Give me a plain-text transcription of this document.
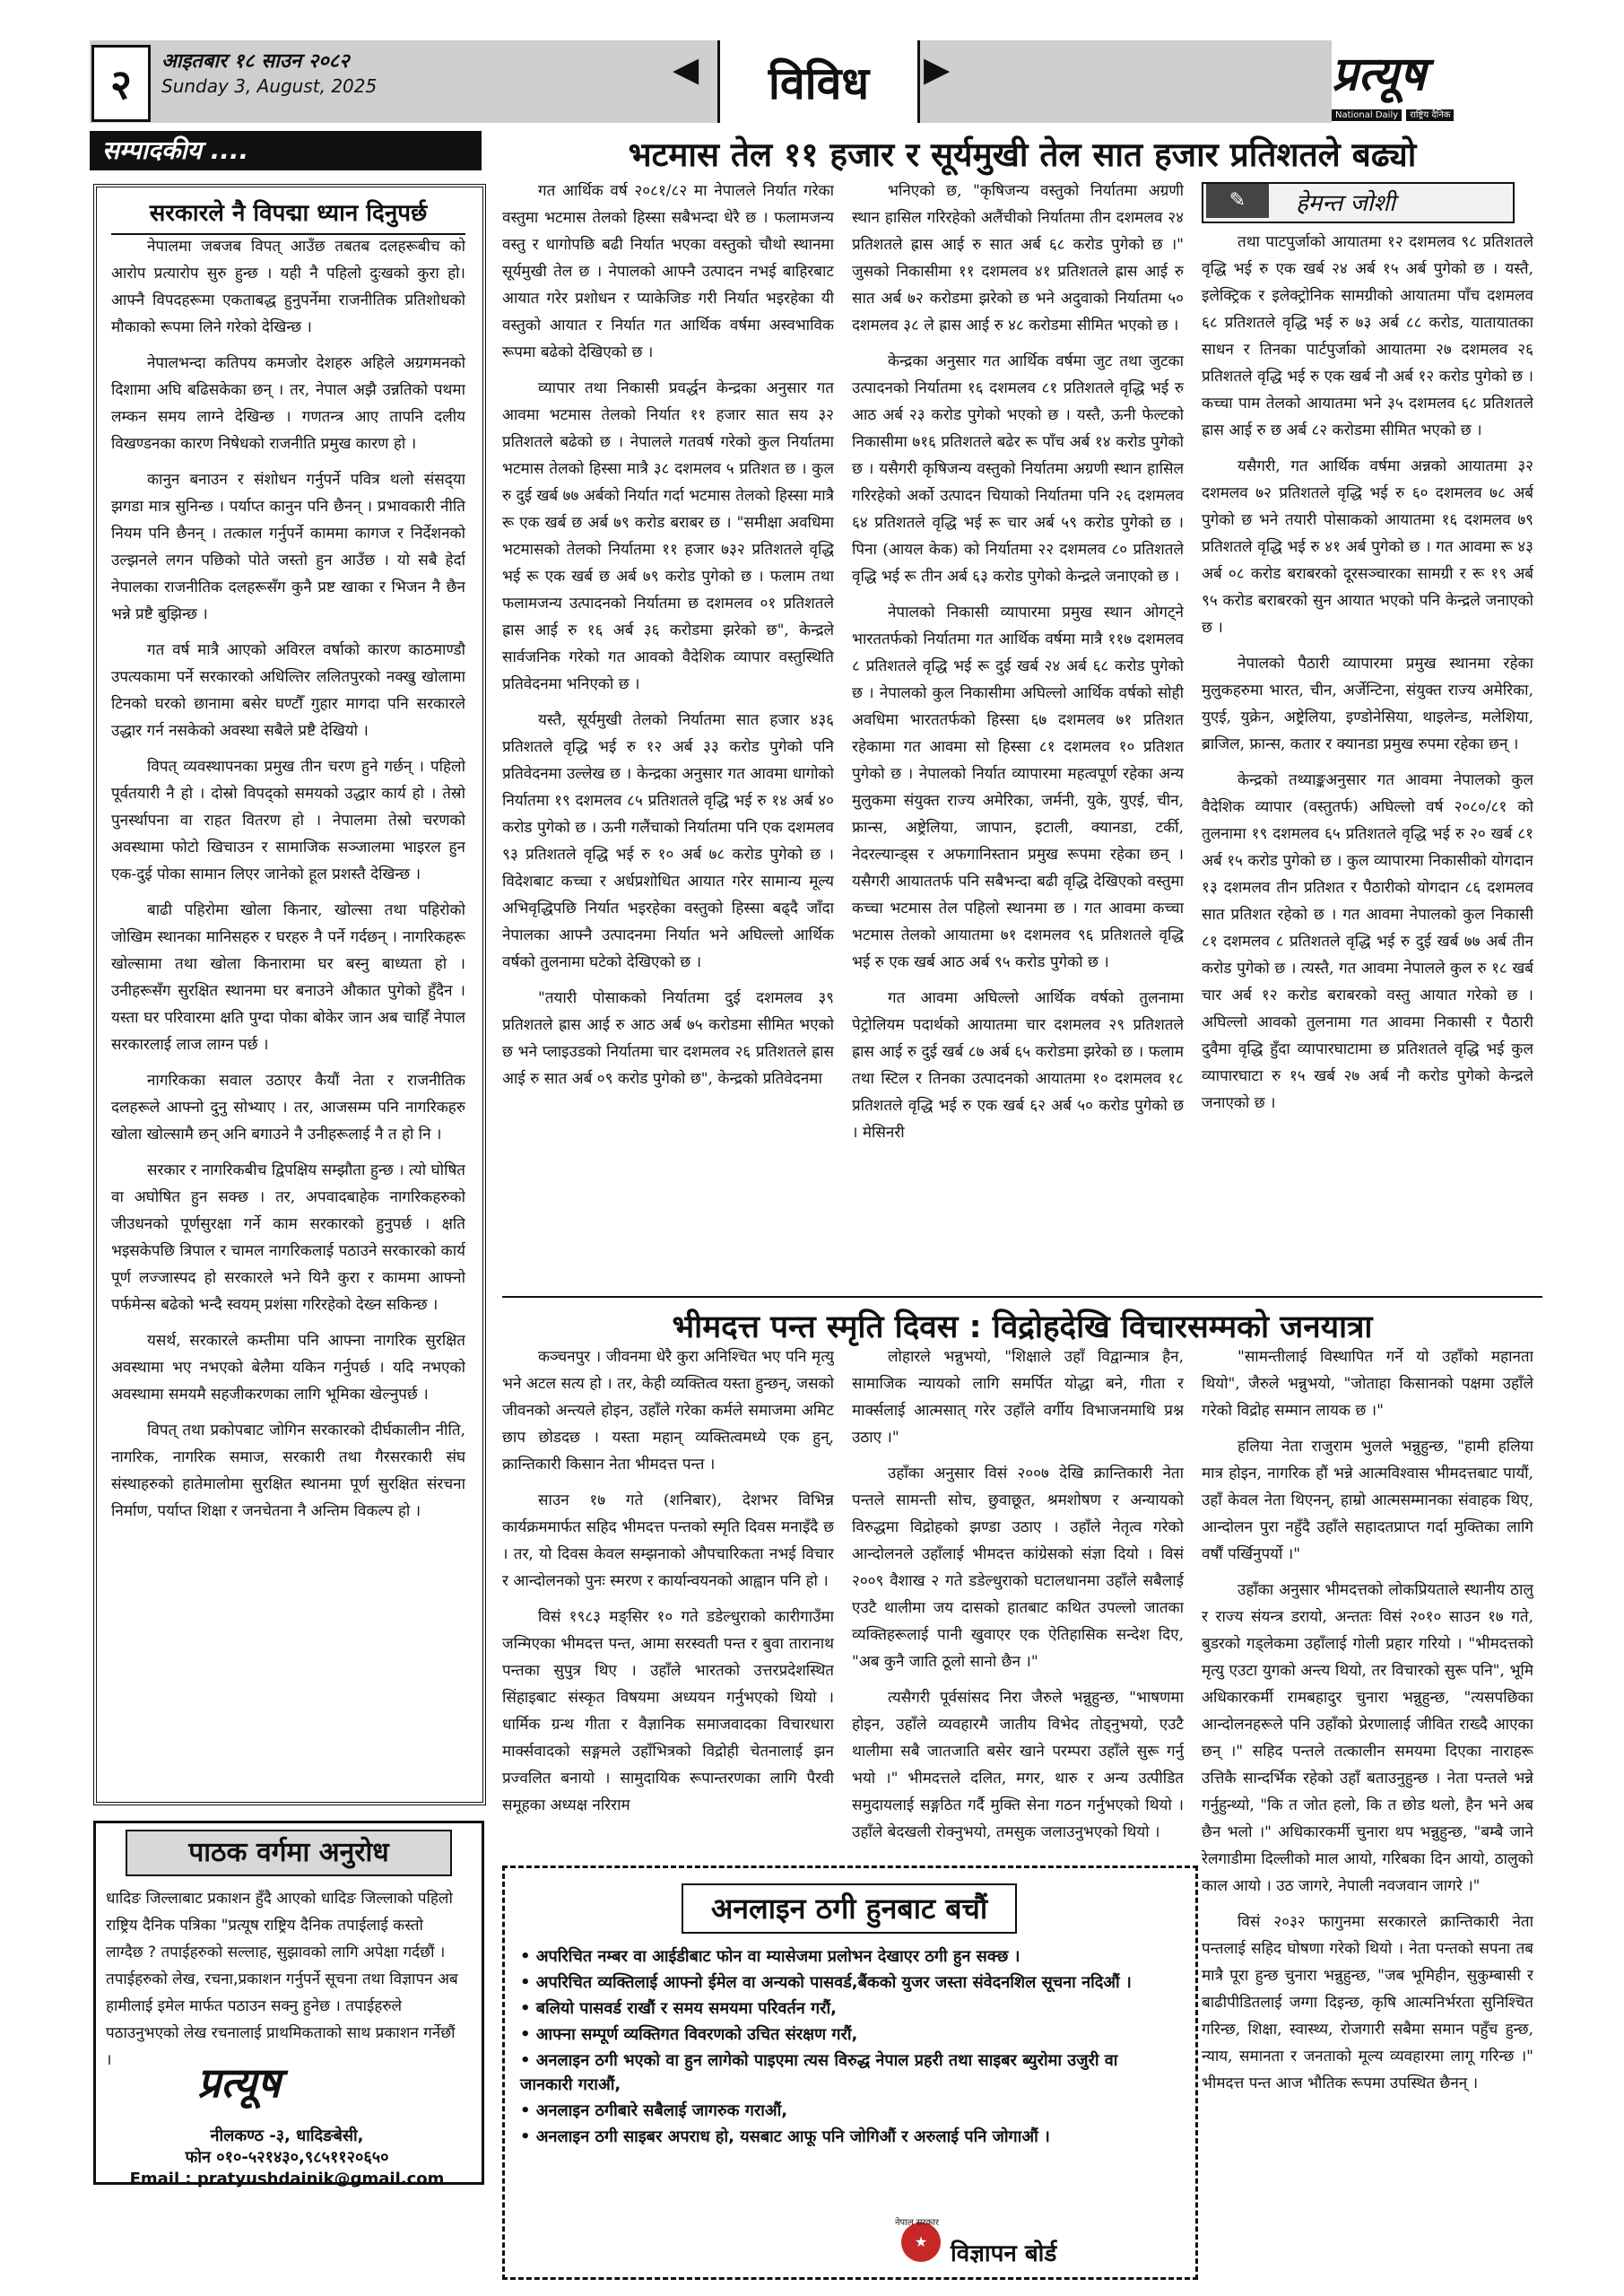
२	आइतबार १८ साउन २०८२
Sunday 3, August, 2025	◀	विविध	▶	प्रत्यूष
National Daily राष्ट्रिय दैनिक
सम्पादकीय ....
सरकारले नै विपद्मा ध्यान दिनुपर्छ

नेपालमा जबजब विपत् आउँछ तबतब दलहरूबीच को आरोप प्रत्यारोप सुरु हुन्छ । यही नै पहिलो दुःखको कुरा हो। आफ्नै विपदहरूमा एकताबद्ध हुनुपर्नेमा राजनीतिक प्रतिशोधको मौकाको रूपमा लिने गरेको देखिन्छ ।

नेपालभन्दा कतिपय कमजोर देशहरु अहिले अग्रगमनको दिशामा अघि बढिसकेका छन् । तर, नेपाल अझै उन्नतिको पथमा लम्कन समय लाग्ने देखिन्छ । गणतन्त्र आए तापनि दलीय विखण्डनका कारण निषेधको राजनीति प्रमुख कारण हो ।

कानुन बनाउन र संशोधन गर्नुपर्ने पवित्र थलो संसद्‌या झगडा मात्र सुनिन्छ । पर्याप्त कानुन पनि छैनन् । प्रभावकारी नीति नियम पनि छैनन् । तत्काल गर्नुपर्ने काममा कागज र निर्देशनको उल्झनले लगन पछिको पोते जस्तो हुन आउँछ । यो सबै हेर्दा नेपालका राजनीतिक दलहरूसँग कुनै प्रष्ट खाका र भिजन नै छैन भन्ने प्रष्टै बुझिन्छ ।

गत वर्ष मात्रै आएको अविरल वर्षाको कारण काठमाण्डौ उपत्यकामा पर्ने सरकारको अधिल्तिर ललितपुरको नक्खु खोलामा टिनको घरको छानामा बसेर घण्टौँ गुहार मागदा पनि सरकारले उद्धार गर्न नसकेको अवस्था सबैले प्रष्टै देखियो ।

विपत् व्यवस्थापनका प्रमुख तीन चरण हुने गर्छन् । पहिलो पूर्वतयारी नै हो । दोस्रो विपद्को समयको उद्धार कार्य हो । तेस्रो पुनर्स्थापना वा राहत वितरण हो । नेपालमा तेस्रो चरणको अवस्थामा फोटो खिचाउन र सामाजिक सञ्जालमा भाइरल हुन एक-दुई पोका सामान लिएर जानेको हूल प्रशस्तै देखिन्छ ।

बाढी पहिरोमा खोला किनार, खोल्सा तथा पहिरोको जोखिम स्थानका मानिसहरु र घरहरु नै पर्ने गर्दछन् । नागरिकहरू खोल्सामा तथा खोला किनारामा घर बस्नु बाध्यता हो । उनीहरूसँग सुरक्षित स्थानमा घर बनाउने औकात पुगेको हुँदैन । यस्ता घर परिवारमा क्षति पुग्दा पोका बोकेर जान अब चाहिँ नेपाल सरकारलाई लाज लाग्न पर्छ ।

नागरिकका सवाल उठाएर कैयौं नेता र राजनीतिक दलहरूले आफ्नो दुनु सोभ्याए । तर, आजसम्म पनि नागरिकहरु खोला खोल्सामै छन् अनि बगाउने नै उनीहरूलाई नै त हो नि ।

सरकार र नागरिकबीच द्विपक्षिय सम्झौता हुन्छ । त्यो घोषित वा अघोषित हुन सक्छ । तर, अपवादबाहेक नागरिकहरुको जीउधनको पूर्णसुरक्षा गर्ने काम सरकारको हुनुपर्छ । क्षति भइसकेपछि त्रिपाल र चामल नागरिकलाई पठाउने सरकारको कार्य पूर्ण लज्जास्पद हो सरकारले भने यिनै कुरा र काममा आफ्नो पर्फमेन्स बढेको भन्दै स्वयम् प्रशंसा गरिरहेको देख्न सकिन्छ ।

यसर्थ, सरकारले कम्तीमा पनि आफ्ना नागरिक सुरक्षित अवस्थामा भए नभएको बेलैमा यकिन गर्नुपर्छ । यदि नभएको अवस्थामा समयमै सहजीकरणका लागि भूमिका खेल्नुपर्छ ।

विपत् तथा प्रकोपबाट जोगिन सरकारको दीर्घकालीन नीति, नागरिक, नागरिक समाज, सरकारी तथा गैरसरकारी संघ संस्थाहरुको हातेमालोमा सुरक्षित स्थानमा पूर्ण सुरक्षित संरचना निर्माण, पर्याप्त शिक्षा र जनचेतना नै अन्तिम विकल्प हो ।

पाठक वर्गमा अनुरोध
धादिङ जिल्लाबाट प्रकाशन हुँदै आएको धादिङ जिल्लाको पहिलो राष्ट्रिय दैनिक पत्रिका "प्रत्यूष राष्ट्रिय दैनिक तपाईलाई कस्तो लाग्दैछ ? तपाईहरुको सल्लाह, सुझावको लागि अपेक्षा गर्दछौं । तपाईहरुको लेख, रचना,प्रकाशन गर्नुपर्ने सूचना तथा विज्ञापन अब हामीलाई इमेल मार्फत पठाउन सक्नु हुनेछ । तपाईहरुले पठाउनुभएको लेख रचनालाई प्राथमिकताको साथ प्रकाशन गर्नेछौं ।	प्रत्यूष
नीलकण्ठ -३, धादिङबेसी,
फोन ०१०-५२१४३०,९८५११२०६५०
Email : pratyushdainik@gmail.com
भटमास तेल ११ हजार र सूर्यमुखी तेल सात हजार प्रतिशतले बढ्यो
✎	हेमन्त जोशी

गत आर्थिक वर्ष २०८१/८२ मा नेपालले निर्यात गरेका वस्तुमा भटमास तेलको हिस्सा सबैभन्दा धेरै छ । फलामजन्य वस्तु र धागोपछि बढी निर्यात भएका वस्तुको चौथो स्थानमा सूर्यमुखी तेल छ । नेपालको आफ्नै उत्पादन नभई बाहिरबाट आयात गरेर प्रशोधन र प्याकेजिङ गरी निर्यात भइरहेका यी वस्तुको आयात र निर्यात गत आर्थिक वर्षमा अस्वभाविक रूपमा बढेको देखिएको छ ।

व्यापार तथा निकासी प्रवर्द्धन केन्द्रका अनुसार गत आवमा भटमास तेलको निर्यात ११ हजार सात सय ३२ प्रतिशतले बढेको छ । नेपालले गतवर्ष गरेको कुल निर्यातमा भटमास तेलको हिस्सा मात्रै ३८ दशमलव ५ प्रतिशत छ । कुल रु दुई खर्ब ७७ अर्बको निर्यात गर्दा भटमास तेलको हिस्सा मात्रै रू एक खर्ब छ अर्ब ७९ करोड बराबर छ । "समीक्षा अवधिमा भटमासको तेलको निर्यातमा ११ हजार ७३२ प्रतिशतले वृद्धि भई रू एक खर्ब छ अर्ब ७९ करोड पुगेको छ । फलाम तथा फलामजन्य उत्पादनको निर्यातमा छ दशमलव ०१ प्रतिशतले ह्रास आई रु १६ अर्ब ३६ करोडमा झरेको छ", केन्द्रले सार्वजनिक गरेको गत आवको वैदेशिक व्यापार वस्तुस्थिति प्रतिवेदनमा भनिएको छ ।

यस्तै, सूर्यमुखी तेलको निर्यातमा सात हजार ४३६ प्रतिशतले वृद्धि भई रु १२ अर्ब ३३ करोड पुगेको पनि प्रतिवेदनमा उल्लेख छ । केन्द्रका अनुसार गत आवमा धागोको निर्यातमा १९ दशमलव ८५ प्रतिशतले वृद्धि भई रु १४ अर्ब ४० करोड पुगेको छ । ऊनी गलैंचाको निर्यातमा पनि एक दशमलव ९३ प्रतिशतले वृद्धि भई रु १० अर्ब ७८ करोड पुगेको छ । विदेशबाट कच्चा र अर्धप्रशोधित आयात गरेर सामान्य मूल्य अभिवृद्धिपछि निर्यात भइरहेका वस्तुको हिस्सा बढ्दै जाँदा नेपालका आफ्नै उत्पादनमा निर्यात भने अघिल्लो आर्थिक वर्षको तुलनामा घटेको देखिएको छ ।

"तयारी पोसाकको निर्यातमा दुई दशमलव ३९ प्रतिशतले ह्रास आई रु आठ अर्ब ७५ करोडमा सीमित भएको छ भने प्लाइउडको निर्यातमा चार दशमलव २६ प्रतिशतले ह्रास आई रु सात अर्ब ०९ करोड पुगेको छ", केन्द्रको प्रतिवेदनमा

भनिएको छ, "कृषिजन्य वस्तुको निर्यातमा अग्रणी स्थान हासिल गरिरहेको अलैंचीको निर्यातमा तीन दशमलव २४ प्रतिशतले ह्रास आई रु सात अर्ब ६८ करोड पुगेको छ ।" जुसको निकासीमा ११ दशमलव ४१ प्रतिशतले ह्रास आई रु सात अर्ब ७२ करोडमा झरेको छ भने अदुवाको निर्यातमा ५० दशमलव ३८ ले ह्रास आई रु ४८ करोडमा सीमित भएको छ ।

केन्द्रका अनुसार गत आर्थिक वर्षमा जुट तथा जुटका उत्पादनको निर्यातमा १६ दशमलव ८१ प्रतिशतले वृद्धि भई रु आठ अर्ब २३ करोड पुगेको भएको छ । यस्तै, ऊनी फेल्टको निकासीमा ७१६ प्रतिशतले बढेर रू पाँच अर्ब १४ करोड पुगेको छ । यसैगरी कृषिजन्य वस्तुको निर्यातमा अग्रणी स्थान हासिल गरिरहेको अर्को उत्पादन चियाको निर्यातमा पनि २६ दशमलव ६४ प्रतिशतले वृद्धि भई रू चार अर्ब ५९ करोड पुगेको छ । पिना (आयल केक) को निर्यातमा २२ दशमलव ८० प्रतिशतले वृद्धि भई रू तीन अर्ब ६३ करोड पुगेको केन्द्रले जनाएको छ ।

नेपालको निकासी व्यापारमा प्रमुख स्थान ओगट्ने भारततर्फको निर्यातमा गत आर्थिक वर्षमा मात्रै ११७ दशमलव ८ प्रतिशतले वृद्धि भई रू दुई खर्ब २४ अर्ब ६८ करोड पुगेको छ । नेपालको कुल निकासीमा अघिल्लो आर्थिक वर्षको सोही अवधिमा भारततर्फको हिस्सा ६७ दशमलव ७१ प्रतिशत रहेकामा गत आवमा सो हिस्सा ८१ दशमलव १० प्रतिशत पुगेको छ । नेपालको निर्यात व्यापारमा महत्वपूर्ण रहेका अन्य मुलुकमा संयुक्त राज्य अमेरिका, जर्मनी, युके, युएई, चीन, फ्रान्स, अष्ट्रेलिया, जापान, इटाली, क्यानडा, टर्की, नेदरल्यान्ड्स र अफगानिस्तान प्रमुख रूपमा रहेका छन् । यसैगरी आयाततर्फ पनि सबैभन्दा बढी वृद्धि देखिएको वस्तुमा कच्चा भटमास तेल पहिलो स्थानमा छ । गत आवमा कच्चा भटमास तेलको आयातमा ७१ दशमलव ९६ प्रतिशतले वृद्धि भई रु एक खर्ब आठ अर्ब ९५ करोड पुगेको छ ।

गत आवमा अघिल्लो आर्थिक वर्षको तुलनामा पेट्रोलियम पदार्थको आयातमा चार दशमलव २९ प्रतिशतले ह्रास आई रु दुई खर्ब ८७ अर्ब ६५ करोडमा झरेको छ । फलाम तथा स्टिल र तिनका उत्पादनको आयातमा १० दशमलव १८ प्रतिशतले वृद्धि भई रु एक खर्ब ६२ अर्ब ५० करोड पुगेको छ । मेसिनरी

तथा पाटपुर्जाको आयातमा १२ दशमलव ९८ प्रतिशतले वृद्धि भई रु एक खर्ब २४ अर्ब १५ अर्ब पुगेको छ । यस्तै, इलेक्ट्रिक र इलेक्ट्रोनिक सामग्रीको आयातमा पाँच दशमलव ६८ प्रतिशतले वृद्धि भई रु ७३ अर्ब ८८ करोड, यातायातका साधन र तिनका पार्टपुर्जाको आयातमा २७ दशमलव २६ प्रतिशतले वृद्धि भई रु एक खर्ब नौ अर्ब १२ करोड पुगेको छ । कच्चा पाम तेलको आयातमा भने ३५ दशमलव ६८ प्रतिशतले ह्रास आई रु छ अर्ब ८२ करोडमा सीमित भएको छ ।

यसैगरी, गत आर्थिक वर्षमा अन्नको आयातमा ३२ दशमलव ७२ प्रतिशतले वृद्धि भई रु ६० दशमलव ७८ अर्ब पुगेको छ भने तयारी पोसाकको आयातमा १६ दशमलव ७९ प्रतिशतले वृद्धि भई रु ४१ अर्ब पुगेको छ । गत आवमा रू ४३ अर्ब ०८ करोड बराबरको दूरसञ्चारका सामग्री र रू १९ अर्ब ९५ करोड बराबरको सुन आयात भएको पनि केन्द्रले जनाएको छ ।

नेपालको पैठारी व्यापारमा प्रमुख स्थानमा रहेका मुलुकहरुमा भारत, चीन, अर्जेन्टिना, संयुक्त राज्य अमेरिका, युएई, युक्रेन, अष्ट्रेलिया, इण्डोनेसिया, थाइलेन्ड, मलेशिया, ब्राजिल, फ्रान्स, कतार र क्यानडा प्रमुख रुपमा रहेका छन् ।

केन्द्रको तथ्याङ्कअनुसार गत आवमा नेपालको कुल वैदेशिक व्यापार (वस्तुतर्फ) अघिल्लो वर्ष २०८०/८१ को तुलनामा १९ दशमलव ६५ प्रतिशतले वृद्धि भई रु २० खर्ब ८१ अर्ब १५ करोड पुगेको छ । कुल व्यापारमा निकासीको योगदान १३ दशमलव तीन प्रतिशत र पैठारीको योगदान ८६ दशमलव सात प्रतिशत रहेको छ । गत आवमा नेपालको कुल निकासी ८१ दशमलव ८ प्रतिशतले वृद्धि भई रु दुई खर्ब ७७ अर्ब तीन करोड पुगेको छ । त्यस्तै, गत आवमा नेपालले कुल रु १८ खर्ब चार अर्ब १२ करोड बराबरको वस्तु आयात गरेको छ । अघिल्लो आवको तुलनामा गत आवमा निकासी र पैठारी दुवैमा वृद्धि हुँदा व्यापारघाटामा छ प्रतिशतले वृद्धि भई कुल व्यापारघाटा रु १५ खर्ब २७ अर्ब नौ करोड पुगेको केन्द्रले जनाएको छ ।

भीमदत्त पन्त स्मृति दिवस : विद्रोहदेखि विचारसम्मको जनयात्रा

कञ्चनपुर । जीवनमा धेरै कुरा अनिश्चित भए पनि मृत्यु भने अटल सत्य हो । तर, केही व्यक्तित्व यस्ता हुन्छन्, जसको जीवनको अन्त्यले होइन, उहाँले गरेका कर्मले समाजमा अमिट छाप छोडदछ । यस्ता महान् व्यक्तित्वमध्ये एक हुन्, क्रान्तिकारी किसान नेता भीमदत्त पन्त ।

साउन १७ गते (शनिबार), देशभर विभिन्न कार्यक्रममार्फत सहिद भीमदत्त पन्तको स्मृति दिवस मनाइँदै छ । तर, यो दिवस केवल सम्झनाको औपचारिकता नभई विचार र आन्दोलनको पुनः स्मरण र कार्यान्वयनको आह्वान पनि हो ।

विसं १९८३ मङ्सिर १० गते डडेल्धुराको कारीगाउँमा जन्मिएका भीमदत्त पन्त, आमा सरस्वती पन्त र बुवा तारानाथ पन्तका सुपुत्र थिए । उहाँले भारतको उत्तरप्रदेशस्थित सिंहाइबाट संस्कृत विषयमा अध्ययन गर्नुभएको थियो । धार्मिक ग्रन्थ गीता र वैज्ञानिक समाजवादका विचारधारा मार्क्सवादको सङ्गमले उहाँभित्रको विद्रोही चेतनालाई झन प्रज्वलित बनायो । सामुदायिक रूपान्तरणका लागि पैरवी समूहका अध्यक्ष नरिराम

लोहारले भन्नुभयो, "शिक्षाले उहाँ विद्वान्मात्र हैन, सामाजिक न्यायको लागि समर्पित योद्धा बने, गीता र मार्क्सलाई आत्मसात् गरेर उहाँले वर्गीय विभाजनमाथि प्रश्न उठाए ।"

उहाँका अनुसार विसं २००७ देखि क्रान्तिकारी नेता पन्तले सामन्ती सोच, छुवाछूत, श्रमशोषण र अन्यायको विरुद्धमा विद्रोहको झण्डा उठाए । उहाँले नेतृत्व गरेको आन्दोलनले उहाँलाई भीमदत्त कांग्रेसको संज्ञा दियो । विसं २००९ वैशाख २ गते डडेल्धुराको घटालधानमा उहाँले सबैलाई एउटै थालीमा जय दासको हातबाट कथित उपल्लो जातका व्यक्तिहरूलाई पानी खुवाएर एक ऐतिहासिक सन्देश दिए, "अब कुनै जाति ठूलो सानो छैन ।"

त्यसैगरी पूर्वसांसद निरा जैरुले भन्नुहुन्छ, "भाषणमा होइन, उहाँले व्यवहारमै जातीय विभेद तोड्नुभयो, एउटै थालीमा सबै जातजाति बसेर खाने परम्परा उहाँले सुरू गर्नु भयो ।" भीमदत्तले दलित, मगर, थारु र अन्य उत्पीडित समुदायलाई सङ्गठित गर्दै मुक्ति सेना गठन गर्नुभएको थियो । उहाँले बेदखली रोक्नुभयो, तमसुक जलाउनुभएको थियो ।

"सामन्तीलाई विस्थापित गर्ने यो उहाँको महानता थियो", जैरुले भन्नुभयो, "जोताहा किसानको पक्षमा उहाँले गरेको विद्रोह सम्मान लायक छ ।"

हलिया नेता राजुराम भुलले भन्नुहुन्छ, "हामी हलिया मात्र होइन, नागरिक हौं भन्ने आत्मविश्वास भीमदत्तबाट पायौं, उहाँ केवल नेता थिएनन्, हाम्रो आत्मसम्मानका संवाहक थिए, आन्दोलन पुरा नहुँदै उहाँले सहादतप्राप्त गर्दा मुक्तिका लागि वर्षौं पर्खिनुपर्यो ।"

उहाँका अनुसार भीमदत्तको लोकप्रियताले स्थानीय ठालु र राज्य संयन्त्र डरायो, अन्ततः विसं २०१० साउन १७ गते, बुडरको गड्लेकमा उहाँलाई गोली प्रहार गरियो । "भीमदत्तको मृत्यु एउटा युगको अन्त्य थियो, तर विचारको सुरू पनि", भूमि अधिकारकर्मी रामबहादुर चुनारा भन्नुहुन्छ, "त्यसपछिका आन्दोलनहरूले पनि उहाँको प्रेरणालाई जीवित राख्दै आएका छन् ।" सहिद पन्तले तत्कालीन समयमा दिएका नाराहरू उत्तिकै सान्दर्भिक रहेको उहाँ बताउनुहुन्छ । नेता पन्तले भन्ने गर्नुहुन्थ्यो, "कि त जोत हलो, कि त छोड थलो, हैन भने अब छैन भलो ।" अधिकारकर्मी चुनारा थप भन्नुहुन्छ, "बम्बै जाने रेलगाडीमा दिल्लीको माल आयो, गरिबका दिन आयो, ठालुको काल आयो । उठ जागरे, नेपाली नवजवान जागरे ।"

विसं २०३२ फागुनमा सरकारले क्रान्तिकारी नेता पन्तलाई सहिद घोषणा गरेको थियो । नेता पन्तको सपना तब मात्रै पूरा हुन्छ चुनारा भन्नुहुन्छ, "जब भूमिहीन, सुकुम्बासी र बाढीपीडितलाई जग्गा दिइन्छ, कृषि आत्मनिर्भरता सुनिश्चित गरिन्छ, शिक्षा, स्वास्थ्य, रोजगारी सबैमा समान पहुँच हुन्छ, न्याय, समानता र जनताको मूल्य व्यवहारमा लागू गरिन्छ ।" भीमदत्त पन्त आज भौतिक रूपमा उपस्थित छैनन् ।

अनलाइन ठगी हुनबाट बचौं
• अपरिचित नम्बर वा आईडीबाट फोन वा म्यासेजमा प्रलोभन देखाएर ठगी हुन सक्छ ।
• अपरिचित व्यक्तिलाई आफ्नो ईमेल वा अन्यको पासवर्ड,बैंकको युजर जस्ता संवेदनशिल सूचना नदिऔं ।
• बलियो पासवर्ड राखौं र समय समयमा परिवर्तन गरौं,
• आफ्ना सम्पूर्ण व्यक्तिगत विवरणको उचित संरक्षण गरौं,
• अनलाइन ठगी भएको वा हुन लागेको पाइएमा त्यस विरुद्ध नेपाल प्रहरी तथा साइबर ब्युरोमा उजुरी वा जानकारी गराऔं,
• अनलाइन ठगीबारे सबैलाई जागरुक गराऔं,
• अनलाइन ठगी साइबर अपराध हो, यसबाट आफू पनि जोगिऔं र अरुलाई पनि जोगाऔं ।
★
नेपाल सरकार
विज्ञापन बोर्ड
